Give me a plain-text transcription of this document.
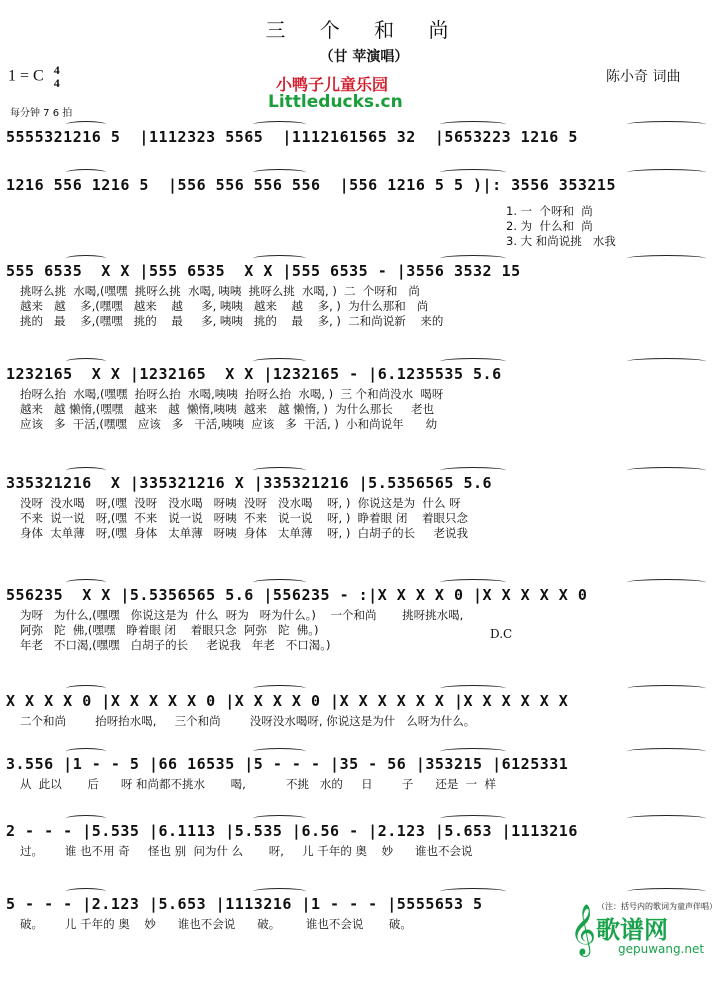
三 个 和 尚
（甘 苹演唱）
1 = C 4
4	陈小奇 词曲
小鸭子儿童乐园
Littleducks.cn
每分钟 7 6 拍
5555321216 5  |1112323 5565  |1112161565 32  |5653223 1216 5
1216 556 1216 5  |556 556 556 556  |556 1216 5 5 )|: 3556 353215
1. 一  个呀和  尚
2. 为  什么和  尚
3. 大 和尚说挑   水我
555 6535  X X |555 6535  X X |555 6535 - |3556 3532 15
挑呀么挑  水喝,(嘿嘿  挑呀么挑  水喝, 咦咦  挑呀么挑  水喝, )  二  个呀和   尚
越来   越    多,(嘿嘿   越来    越     多, 咦咦   越来    越    多, )  为什么那和   尚
挑的   最    多,(嘿嘿   挑的    最     多, 咦咦   挑的    最    多, )  二和尚说新    来的
1232165  X X |1232165  X X |1232165 - |6.1235535 5.6
抬呀么抬  水喝,(嘿嘿  抬呀么抬  水喝,咦咦  抬呀么抬  水喝, )  三 个和尚没水  喝呀
越来   越 懒惰,(嘿嘿   越来   越  懒惰,咦咦  越来   越 懒惰, )  为什么那长     老也
应该   多  干活,(嘿嘿   应该   多   干活,咦咦  应该   多  干活, )  小和尚说年      幼
335321216  X |335321216 X |335321216 |5.5356565 5.6
没呀  没水喝   呀,(嘿  没呀   没水喝   呀咦  没呀   没水喝    呀, )  你说这是为  什么 呀
不来  说一说   呀,(嘿  不来   说一说   呀咦  不来   说一说    呀, )  睁着眼 闭    着眼只念
身体  太单薄   呀,(嘿  身体   太单薄   呀咦  身体   太单薄    呀, )  白胡子的长     老说我
556235  X X |5.5356565 5.6 |556235 - :|X X X X 0 |X X X X X 0
为呀   为什么,(嘿嘿   你说这是为  什么  呀为   呀为什么。)    一个和尚       挑呀挑水喝,
阿弥   陀  佛,(嘿嘿   睁着眼 闭    着眼只念  阿弥   陀  佛。)
年老   不口渴,(嘿嘿   白胡子的长     老说我   年老   不口渴。)
X X X X 0 |X X X X X 0 |X X X X 0 |X X X X X X |X X X X X X
二个和尚        抬呀抬水喝,     三个和尚        没呀没水喝呀, 你说这是为什   么呀为什么。
3.556 |1 - - 5 |66 16535 |5 - - - |35 - 56 |353215 |6125331
从  此以       后      呀 和尚都不挑水       喝,           不挑   水的     日        子      还是  一  样
2 - - - |5.535 |6.1113 |5.535 |6.56 - |2.123 |5.653 |1113216
过。      谁 也不用 奇     怪也 别  问为什 么       呀,     儿 千年的 奥    妙      谁也不会说
5 - - - |2.123 |5.653 |1113216 |1 - - - |5555653 5
破。      儿 千年的 奥    妙      谁也不会说      破。       谁也不会说       破。
D.C
𝄞 （注：括号内的歌词为童声伴唱）
歌谱网
gepuwang.net
